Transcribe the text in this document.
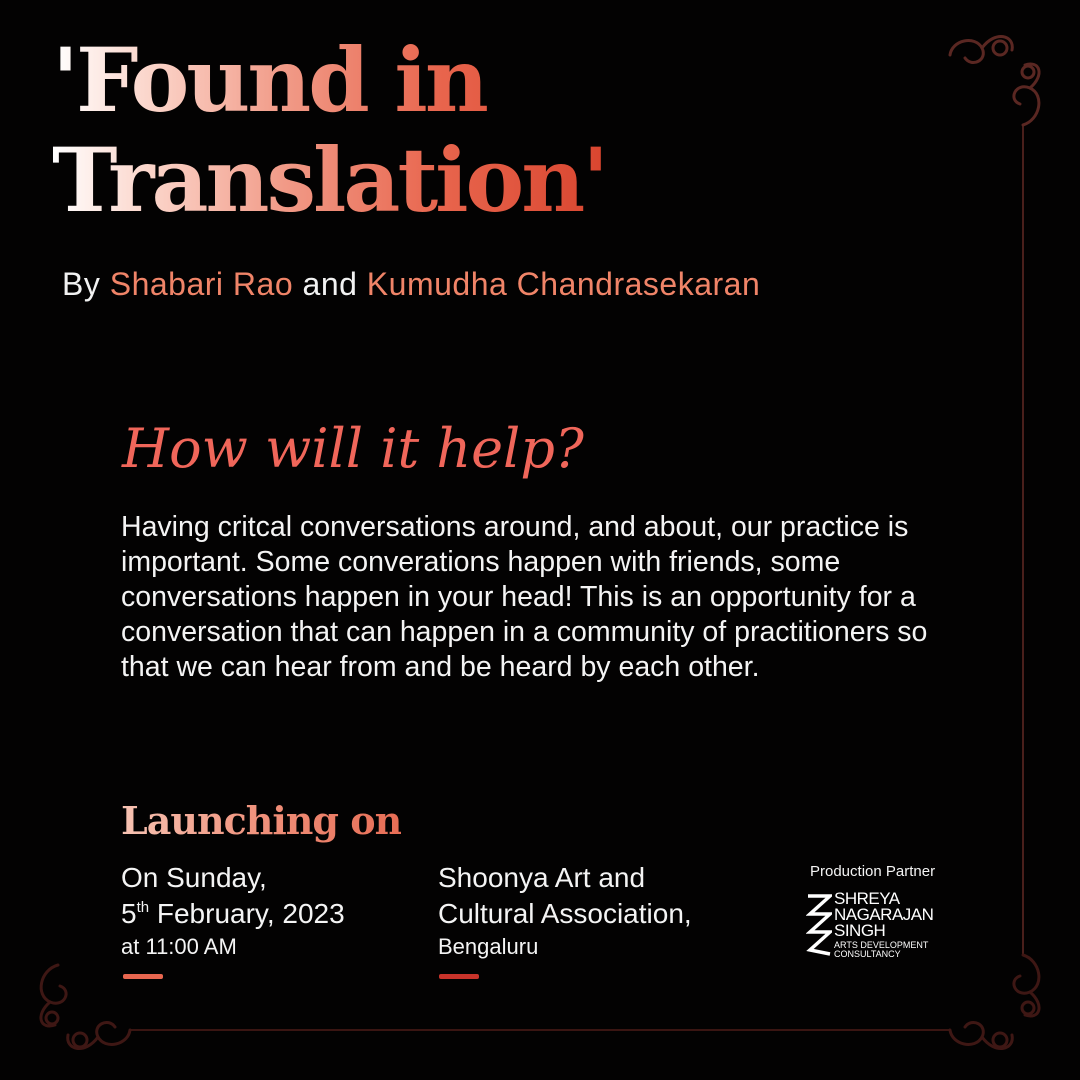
'Found in
Translation'
By Shabari Rao and Kumudha Chandrasekaran
How will it help?

Having critcal conversations around, and about, our practice is important. Some converations happen with friends, some conversations happen in your head! This is an opportunity for a conversation that can happen in a community of practitioners so that we can hear from and be heard by each other.

Launching on
On Sunday,
5th February, 2023
at 11:00 AM
Shoonya Art and
Cultural Association,
Bengaluru
Production Partner
SHREYA
NAGARAJAN
SINGH
ARTS DEVELOPMENT
CONSULTANCY
